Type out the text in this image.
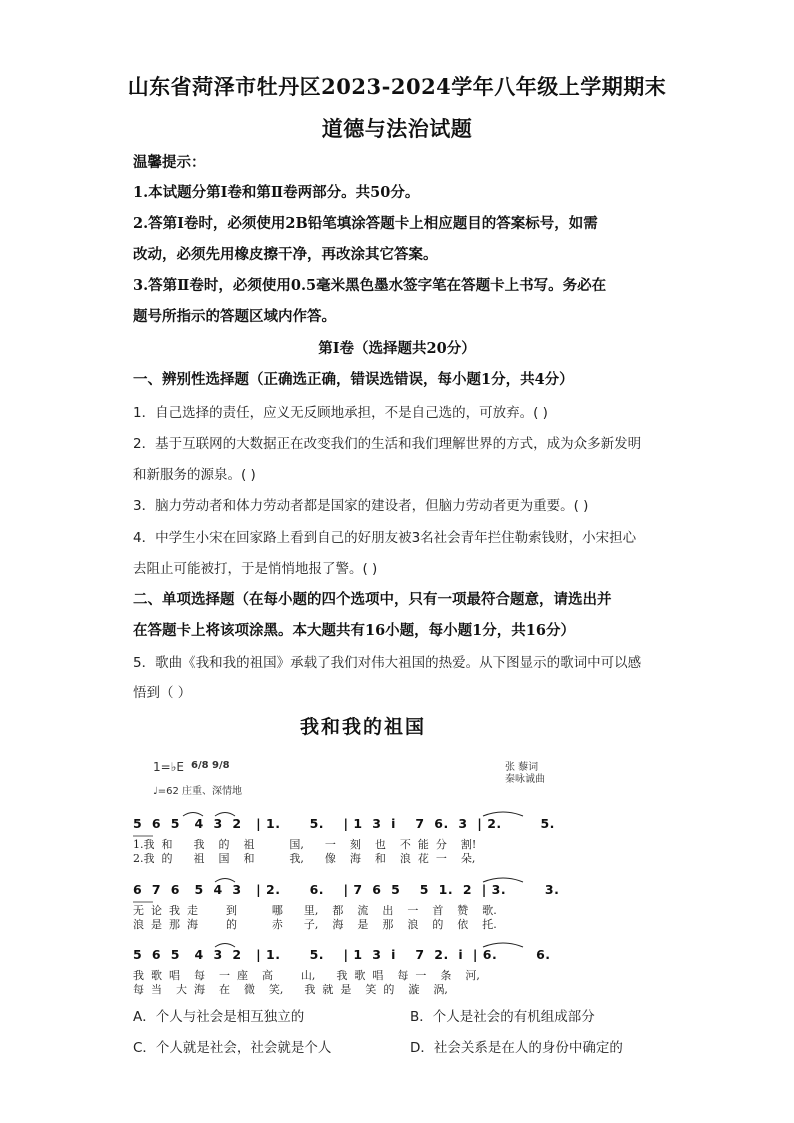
山东省菏泽市牡丹区2023-2024学年八年级上学期期末
道德与法治试题
温馨提示：
1.本试题分第Ⅰ卷和第Ⅱ卷两部分。共50分。
2.答第Ⅰ卷时，必须使用2B铅笔填涂答题卡上相应题目的答案标号，如需
改动，必须先用橡皮擦干净，再改涂其它答案。
3.答第Ⅱ卷时，必须使用0.5毫米黑色墨水签字笔在答题卡上书写。务必在
题号所指示的答题区域内作答。
第Ⅰ卷（选择题共20分）
一、辨别性选择题（正确选正确，错误选错误，每小题1分，共4分）
1．自己选择的责任，应义无反顾地承担，不是自己选的，可放弃。( )
2．基于互联网的大数据正在改变我们的生活和我们理解世界的方式，成为众多新发明
和新服务的源泉。( )
3．脑力劳动者和体力劳动者都是国家的建设者，但脑力劳动者更为重要。( )
4．中学生小宋在回家路上看到自己的好朋友被3名社会青年拦住勒索钱财，小宋担心
去阻止可能被打，于是悄悄地报了警。( )
二、单项选择题（在每小题的四个选项中，只有一项最符合题意，请选出并
在答题卡上将该项涂黑。本大题共有16小题，每小题1分，共16分）
5．歌曲《我和我的祖国》承载了我们对伟大祖国的热爱。从下图显示的歌词中可以感
悟到（ ）
我和我的祖国
1=♭E 6/8 9/8
♩=62 庄重、深情地
张 藜词
秦咏诚曲
5  6  5   4  3  2   | 1.      5.    | 1  3  i    7  6.  3  | 2.        5.
1.我  和      我    的    祖          国,      一    刻    也    不  能  分    割!
2.我  的      祖    国    和          我,      像    海    和    浪  花  一    朵,
6  7  6   5  4  3   | 2.      6.    | 7  6  5    5  1.  2  | 3.        3.
无  论  我  走        到          哪      里,    都    流    出    一    首    赞    歌.
浪  是  那  海        的          赤      子,    海    是    那    浪    的    依    托.
5  6  5   4  3  2   | 1.      5.    | 1  3  i    7  2.  i  | 6.        6.
我  歌  唱    每    一  座    高        山,      我  歌  唱    每  一    条    河,
每  当    大  海    在    微    笑,      我  就  是    笑  的    漩    涡,
A．个人与社会是相互独立的	B．个人是社会的有机组成部分
C．个人就是社会，社会就是个人	D．社会关系是在人的身份中确定的
